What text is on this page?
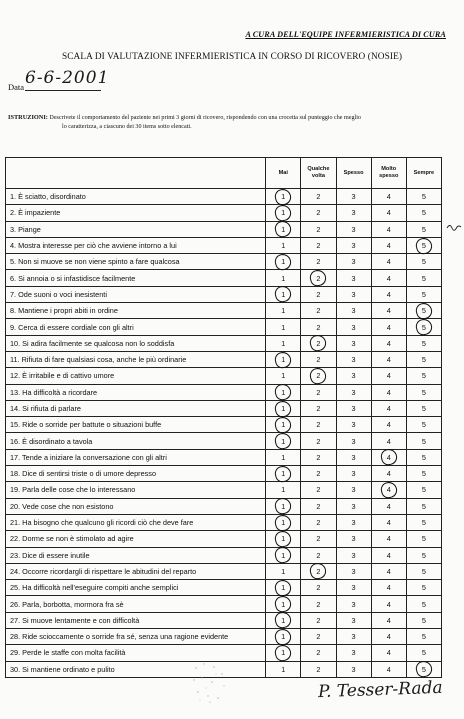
A CURA DELL'EQUIPE INFERMIERISTICA DI CURA
SCALA DI VALUTAZIONE INFERMIERISTICA IN CORSO DI RICOVERO (NOSIE)
Data 6-6-2001
ISTRUZIONI: Descrivete il comportamento del paziente nei primi 3 giorni di ricovero, rispondendo con una crocetta sul punteggio che meglio
lo caratterizza, a ciascuno dei 30 items sotto elencati.
	Mai	Qualche volta	Spesso	Molto spesso	Sempre
1. È sciatto, disordinato	1	2	3	4	5
2. È impaziente	1	2	3	4	5
3. Piange	1	2	3	4	5
4. Mostra interesse per ciò che avviene intorno a lui	1	2	3	4	5

5. Non si muove se non viene spinto a fare qualcosa	1	2	3	4	5
6. Si annoia o si infastidisce facilmente	1	2	3	4	5
7. Ode suoni o voci inesistenti	1	2	3	4	5
8. Mantiene i propri abiti in ordine	1	2	3	4	5

9. Cerca di essere cordiale con gli altri	1	2	3	4	5

10. Si adira facilmente se qualcosa non lo soddisfa	1	2	3	4	5
11. Rifiuta di fare qualsiasi cosa, anche le più ordinarie	1	2	3	4	5
12. È irritabile e di cattivo umore	1	2	3	4	5
13. Ha difficoltà a ricordare	1	2	3	4	5
14. Si rifiuta di parlare	1	2	3	4	5
15. Ride o sorride per battute o situazioni buffe	1	2	3	4	5
16. È disordinato a tavola	1	2	3	4	5
17. Tende a iniziare la conversazione con gli altri	1	2	3	4	5
18. Dice di sentirsi triste o di umore depresso	1	2	3	4	5
19. Parla delle cose che lo interessano	1	2	3	4	5
20. Vede cose che non esistono	1	2	3	4	5
21. Ha bisogno che qualcuno gli ricordi ciò che deve fare	1	2	3	4	5
22. Dorme se non è stimolato ad agire	1	2	3	4	5
23. Dice di essere inutile	1	2	3	4	5
24. Occorre ricordargli di rispettare le abitudini del reparto	1	2	3	4	5
25. Ha difficoltà nell'eseguire compiti anche semplici	1	2	3	4	5
26. Parla, borbotta, mormora fra sè	1	2	3	4	5
27. Si muove lentamente e con difficoltà	1	2	3	4	5
28. Ride scioccamente o sorride fra sé, senza una ragione evidente	1	2	3	4	5
29. Perde le staffe con molta facilità	1	2	3	4	5
30. Si mantiene ordinato e pulito	1	2	3	4	5
P. Tesser-Rada
